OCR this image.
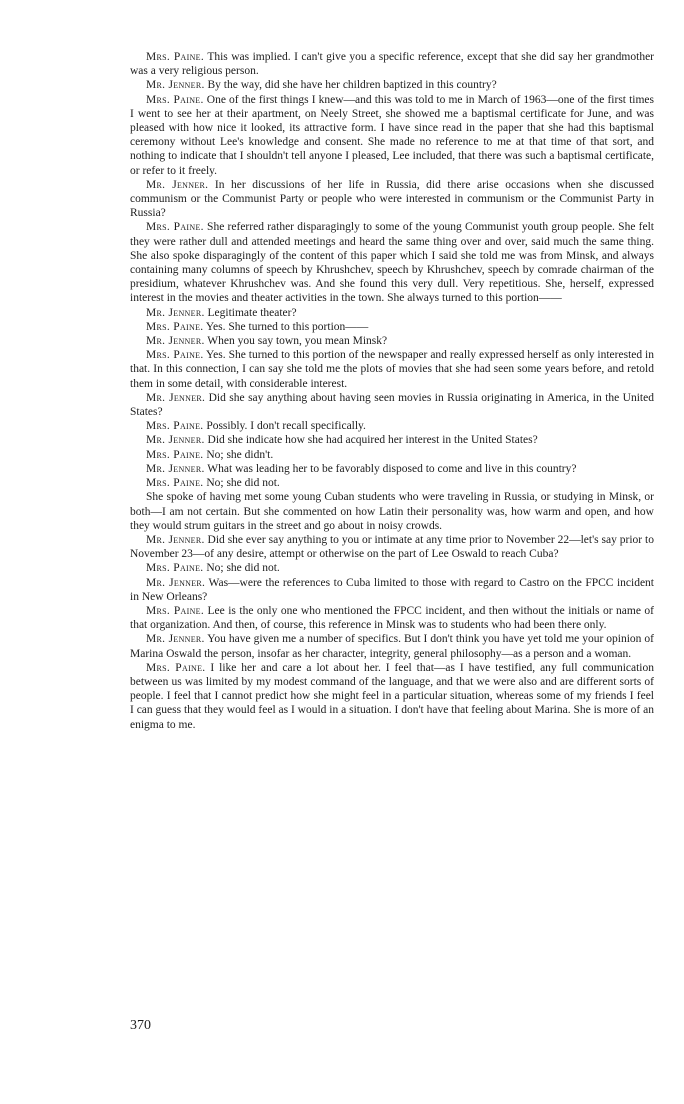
Mrs. Paine. This was implied. I can't give you a specific reference, except that she did say her grandmother was a very religious person.

Mr. Jenner. By the way, did she have her children baptized in this country?

Mrs. Paine. One of the first things I knew—and this was told to me in March of 1963—one of the first times I went to see her at their apartment, on Neely Street, she showed me a baptismal certificate for June, and was pleased with how nice it looked, its attractive form. I have since read in the paper that she had this baptismal ceremony without Lee's knowledge and consent. She made no reference to me at that time of that sort, and nothing to indicate that I shouldn't tell anyone I pleased, Lee included, that there was such a baptismal certificate, or refer to it freely.

Mr. Jenner. In her discussions of her life in Russia, did there arise occasions when she discussed communism or the Communist Party or people who were interested in communism or the Communist Party in Russia?

Mrs. Paine. She referred rather disparagingly to some of the young Communist youth group people. She felt they were rather dull and attended meetings and heard the same thing over and over, said much the same thing. She also spoke disparagingly of the content of this paper which I said she told me was from Minsk, and always containing many columns of speech by Khrushchev, speech by Khrushchev, speech by comrade chairman of the presidium, whatever Khrushchev was. And she found this very dull. Very repetitious. She, herself, expressed interest in the movies and theater activities in the town. She always turned to this portion——

Mr. Jenner. Legitimate theater?

Mrs. Paine. Yes. She turned to this portion——

Mr. Jenner. When you say town, you mean Minsk?

Mrs. Paine. Yes. She turned to this portion of the newspaper and really expressed herself as only interested in that. In this connection, I can say she told me the plots of movies that she had seen some years before, and retold them in some detail, with considerable interest.

Mr. Jenner. Did she say anything about having seen movies in Russia originating in America, in the United States?

Mrs. Paine. Possibly. I don't recall specifically.

Mr. Jenner. Did she indicate how she had acquired her interest in the United States?

Mrs. Paine. No; she didn't.

Mr. Jenner. What was leading her to be favorably disposed to come and live in this country?

Mrs. Paine. No; she did not.

She spoke of having met some young Cuban students who were traveling in Russia, or studying in Minsk, or both—I am not certain. But she commented on how Latin their personality was, how warm and open, and how they would strum guitars in the street and go about in noisy crowds.

Mr. Jenner. Did she ever say anything to you or intimate at any time prior to November 22—let's say prior to November 23—of any desire, attempt or otherwise on the part of Lee Oswald to reach Cuba?

Mrs. Paine. No; she did not.

Mr. Jenner. Was—were the references to Cuba limited to those with regard to Castro on the FPCC incident in New Orleans?

Mrs. Paine. Lee is the only one who mentioned the FPCC incident, and then without the initials or name of that organization. And then, of course, this reference in Minsk was to students who had been there only.

Mr. Jenner. You have given me a number of specifics. But I don't think you have yet told me your opinion of Marina Oswald the person, insofar as her character, integrity, general philosophy—as a person and a woman.

Mrs. Paine. I like her and care a lot about her. I feel that—as I have testified, any full communication between us was limited by my modest command of the language, and that we were also and are different sorts of people. I feel that I cannot predict how she might feel in a particular situation, whereas some of my friends I feel I can guess that they would feel as I would in a situation. I don't have that feeling about Marina. She is more of an enigma to me.

370
